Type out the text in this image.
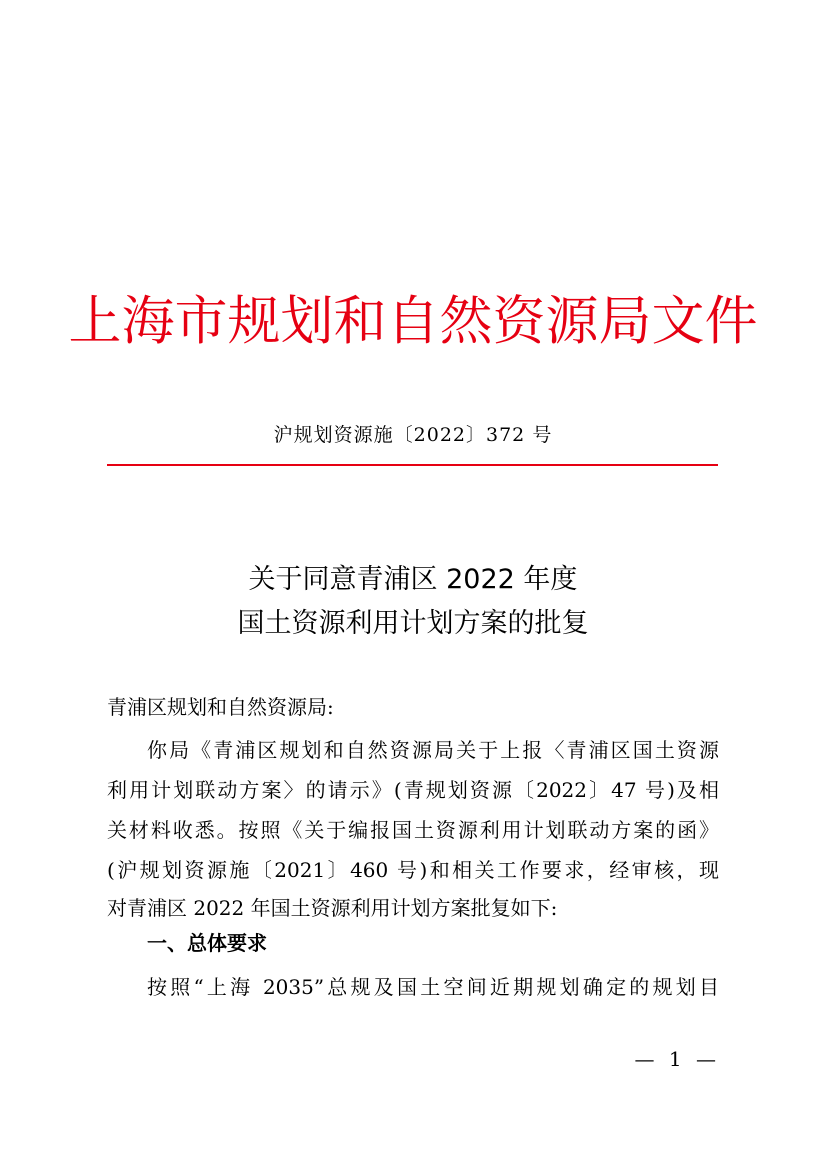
上海市规划和自然资源局文件
沪规划资源施〔2022〕372 号
关于同意青浦区 2022 年度
国土资源利用计划方案的批复
青浦区规划和自然资源局:
你局《青浦区规划和自然资源局关于上报〈青浦区国土资源
利用计划联动方案〉的请示》(青规划资源〔2022〕47 号)及相
关材料收悉。按照《关于编报国土资源利用计划联动方案的函》
(沪规划资源施〔2021〕460 号)和相关工作要求，经审核，现
对青浦区 2022 年国土资源利用计划方案批复如下:
一、总体要求
按照“上海 2035”总规及国土空间近期规划确定的规划目
— 1 —
